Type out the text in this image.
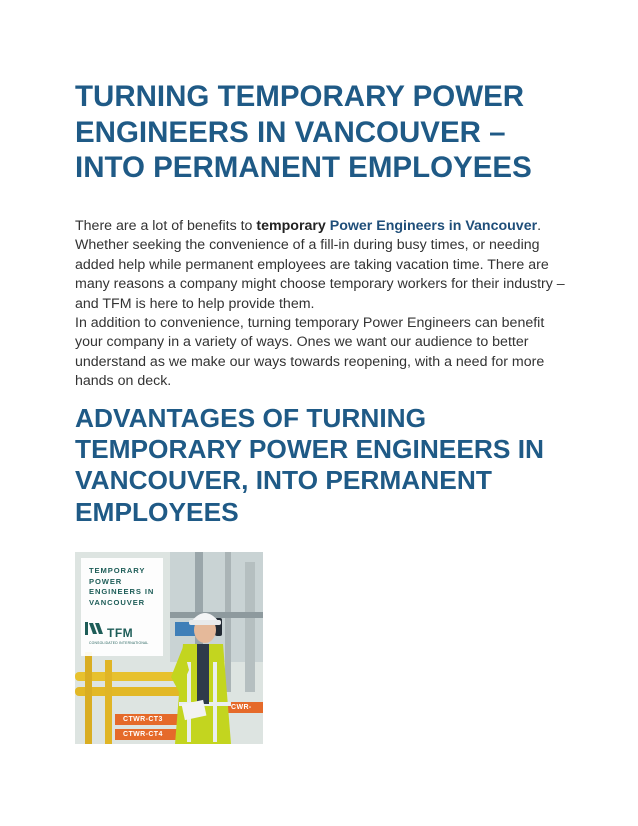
TURNING TEMPORARY POWER ENGINEERS IN VANCOUVER – INTO PERMANENT EMPLOYEES

There are a lot of benefits to temporary Power Engineers in Vancouver. Whether seeking the convenience of a fill-in during busy times, or needing added help while permanent employees are taking vacation time. There are many reasons a company might choose temporary workers for their industry – and TFM is here to help provide them.

In addition to convenience, turning temporary Power Engineers can benefit your company in a variety of ways. Ones we want our audience to better understand as we make our ways towards reopening, with a need for more hands on deck.

ADVANTAGES OF TURNING TEMPORARY POWER ENGINEERS IN VANCOUVER, INTO PERMANENT EMPLOYEES
TEMPORARY POWER ENGINEERS IN VANCOUVER
TFM
CONSOLIDATED INTERNATIONAL
CTWR-CT3
CTWR-CT4
CWR-
